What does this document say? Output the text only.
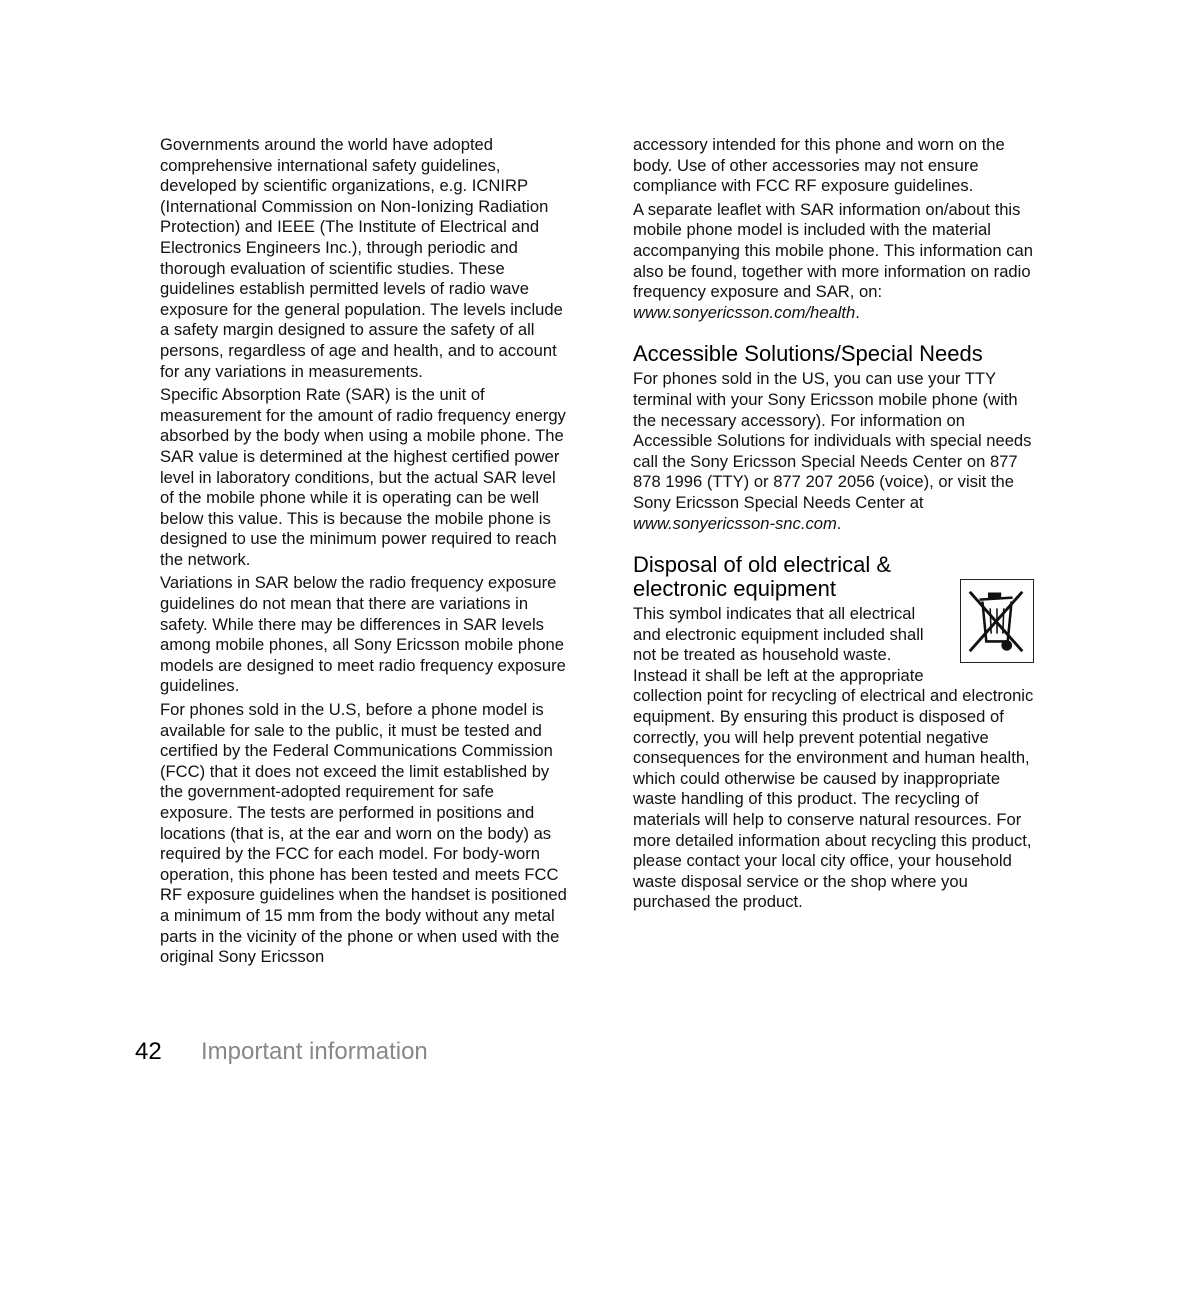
Governments around the world have adopted comprehensive international safety guidelines, developed by scientific organizations, e.g. ICNIRP (International Commission on Non-Ionizing Radiation Protection) and IEEE (The Institute of Electrical and Electronics Engineers Inc.), through periodic and thorough evaluation of scientific studies. These guidelines establish permitted levels of radio wave exposure for the general population. The levels include a safety margin designed to assure the safety of all persons, regardless of age and health, and to account for any variations in measurements.

Specific Absorption Rate (SAR) is the unit of measurement for the amount of radio frequency energy absorbed by the body when using a mobile phone. The SAR value is determined at the highest certified power level in laboratory conditions, but the actual SAR level of the mobile phone while it is operating can be well below this value. This is because the mobile phone is designed to use the minimum power required to reach the network.

Variations in SAR below the radio frequency exposure guidelines do not mean that there are variations in safety. While there may be differences in SAR levels among mobile phones, all Sony Ericsson mobile phone models are designed to meet radio frequency exposure guidelines.

For phones sold in the U.S, before a phone model is available for sale to the public, it must be tested and certified by the Federal Communications Commission (FCC) that it does not exceed the limit established by the government-adopted requirement for safe exposure. The tests are performed in positions and locations (that is, at the ear and worn on the body) as required by the FCC for each model. For body-worn operation, this phone has been tested and meets FCC RF exposure guidelines when the handset is positioned a minimum of 15 mm from the body without any metal parts in the vicinity of the phone or when used with the original Sony Ericsson

accessory intended for this phone and worn on the body. Use of other accessories may not ensure compliance with FCC RF exposure guidelines.

A separate leaflet with SAR information on/about this mobile phone model is included with the material accompanying this mobile phone. This information can also be found, together with more information on radio frequency exposure and SAR, on: www.sonyericsson.com/health.

Accessible Solutions/Special Needs

For phones sold in the US, you can use your TTY terminal with your Sony Ericsson mobile phone (with the necessary accessory). For information on Accessible Solutions for individuals with special needs call the Sony Ericsson Special Needs Center on 877 878 1996 (TTY) or 877 207 2056 (voice), or visit the Sony Ericsson Special Needs Center at www.sonyericsson-snc.com.

Disposal of old electrical & electronic equipment

This symbol indicates that all electrical and electronic equipment included shall not be treated as household waste. Instead it shall be left at the appropriate collection point for recycling of electrical and electronic equipment. By ensuring this product is disposed of correctly, you will help prevent potential negative consequences for the environment and human health, which could otherwise be caused by inappropriate waste handling of this product. The recycling of materials will help to conserve natural resources. For more detailed information about recycling this product, please contact your local city office, your household waste disposal service or the shop where you purchased the product.

42 Important information
